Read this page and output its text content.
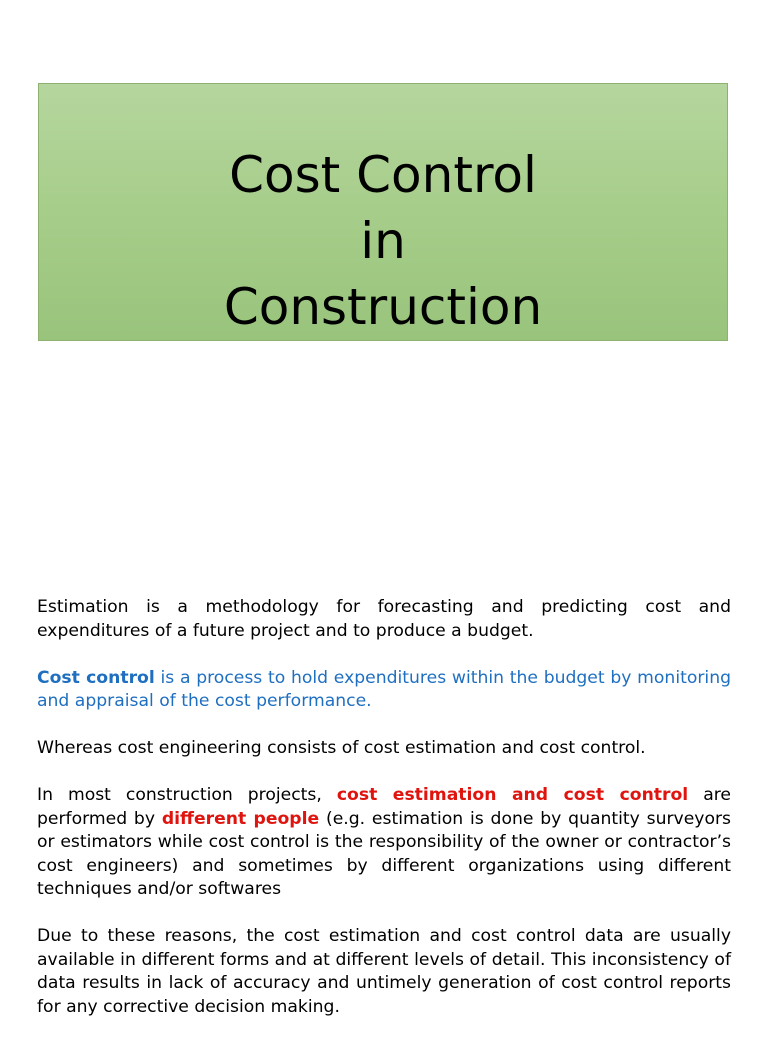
Cost Control
in
Construction

Estimation is a methodology for forecasting and predicting cost and expenditures of a future project and to produce a budget.

Cost control is a process to hold expenditures within the budget by monitoring and appraisal of the cost performance.

Whereas cost engineering consists of cost estimation and cost control.

In most construction projects, cost estimation and cost control are performed by different people (e.g. estimation is done by quantity surveyors or estimators while cost control is the responsibility of the owner or contractor’s cost engineers) and sometimes by different organizations using different techniques and/or softwares

Due to these reasons, the cost estimation and cost control data are usually available in different forms and at different levels of detail. This inconsistency of data results in lack of accuracy and untimely generation of cost control reports for any corrective decision making.
